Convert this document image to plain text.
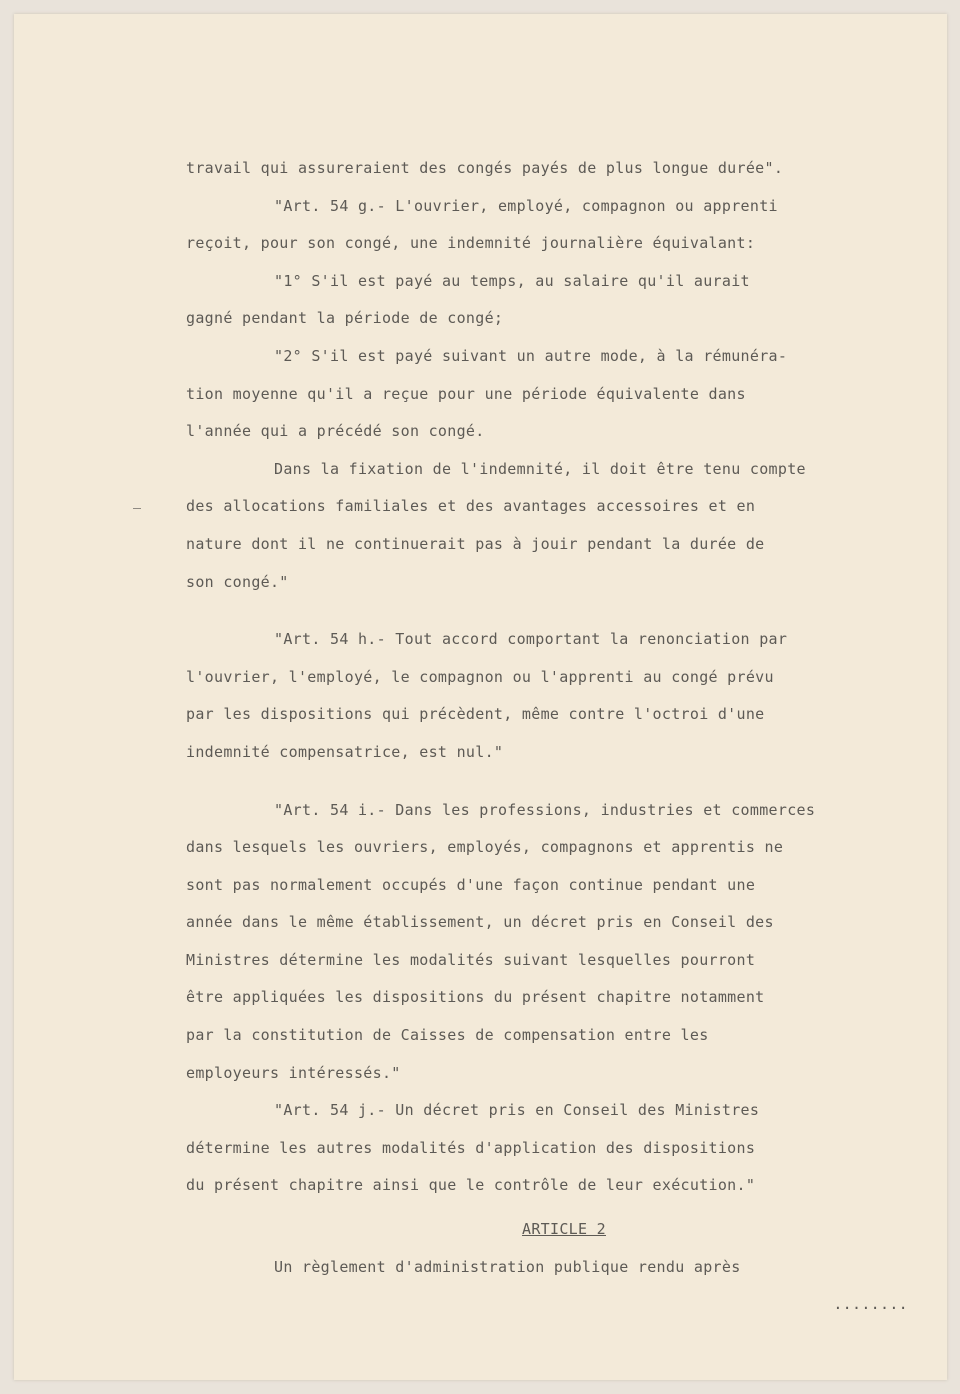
travail qui assureraient des congés payés de plus longue durée".
"Art. 54 g.- L'ouvrier, employé, compagnon ou apprenti
reçoit, pour son congé, une indemnité journalière équivalant:
"1° S'il est payé au temps, au salaire qu'il aurait
gagné pendant la période de congé;
"2° S'il est payé suivant un autre mode, à la rémunéra-
tion moyenne qu'il a reçue pour une période équivalente dans
l'année qui a précédé son congé.
Dans la fixation de l'indemnité, il doit être tenu compte
des allocations familiales et des avantages accessoires et en
nature dont il ne continuerait pas à jouir pendant la durée de
son congé."
"Art. 54 h.- Tout accord comportant la renonciation par
l'ouvrier, l'employé, le compagnon ou l'apprenti au congé prévu
par les dispositions qui précèdent, même contre l'octroi d'une
indemnité compensatrice, est nul."
"Art. 54 i.- Dans les professions, industries et commerces
dans lesquels les ouvriers, employés, compagnons et apprentis ne
sont pas normalement occupés d'une façon continue pendant une
année dans le même établissement, un décret pris en Conseil des
Ministres détermine les modalités suivant lesquelles pourront
être appliquées les dispositions du présent chapitre notamment
par la constitution de Caisses de compensation entre les
employeurs intéressés."
"Art. 54 j.- Un décret pris en Conseil des Ministres
détermine les autres modalités d'application des dispositions
du présent chapitre ainsi que le contrôle de leur exécution."
ARTICLE 2
Un règlement d'administration publique rendu après
........
